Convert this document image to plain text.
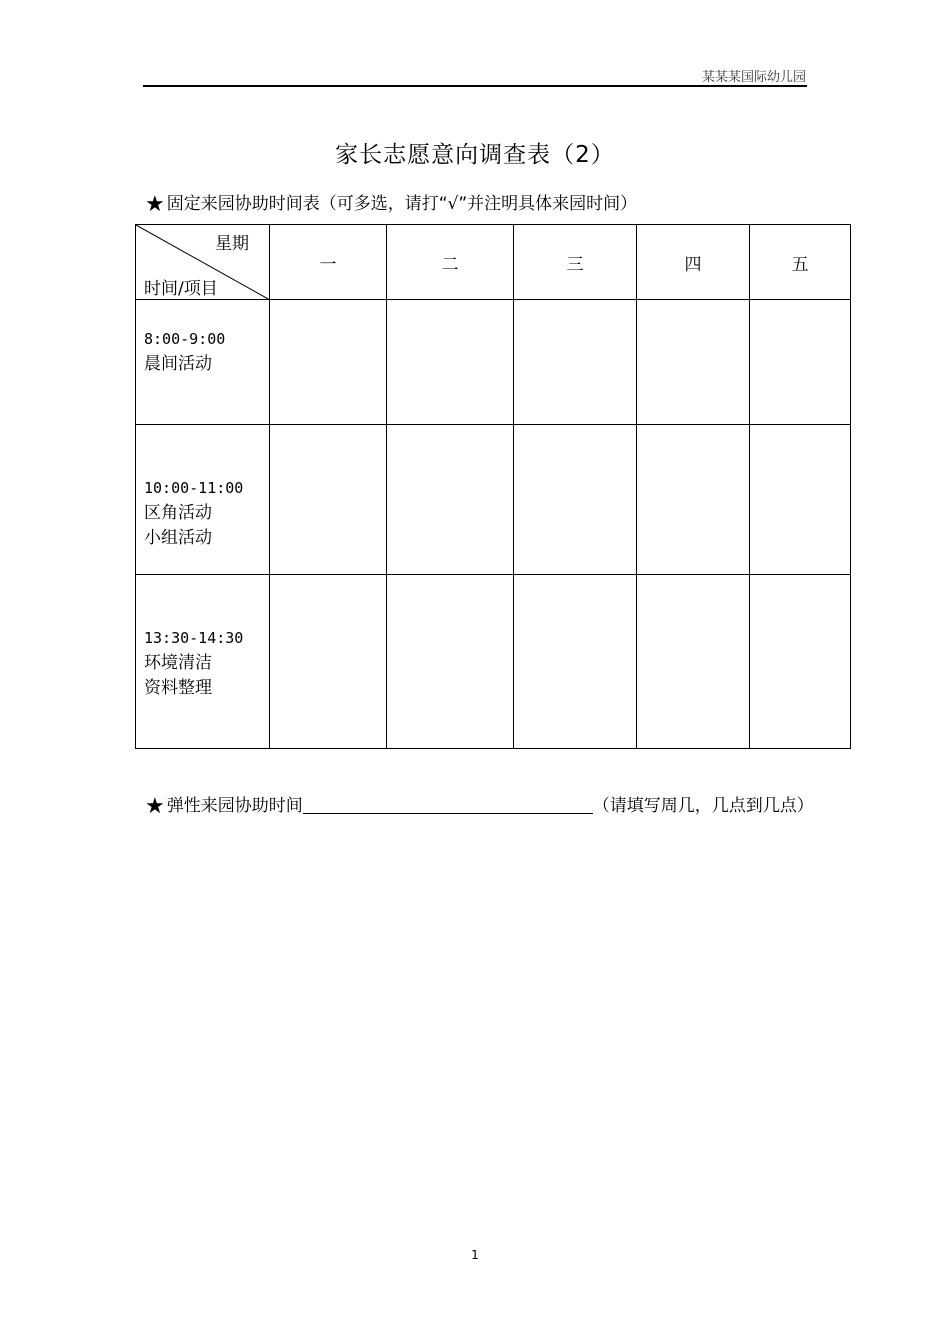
某某某国际幼儿园
家长志愿意向调查表（2）
★ 固定来园协助时间表（可多选，请打“√”并注明具体来园时间）
星期
时间/项目	一	二	三	四	五

8:00-9:00
晨间活动					

10:00-11:00
区角活动
小组活动					

13:30-14:30
环境清洁
资料整理					

★ 弹性来园协助时间	（请填写周几，几点到几点）
1
